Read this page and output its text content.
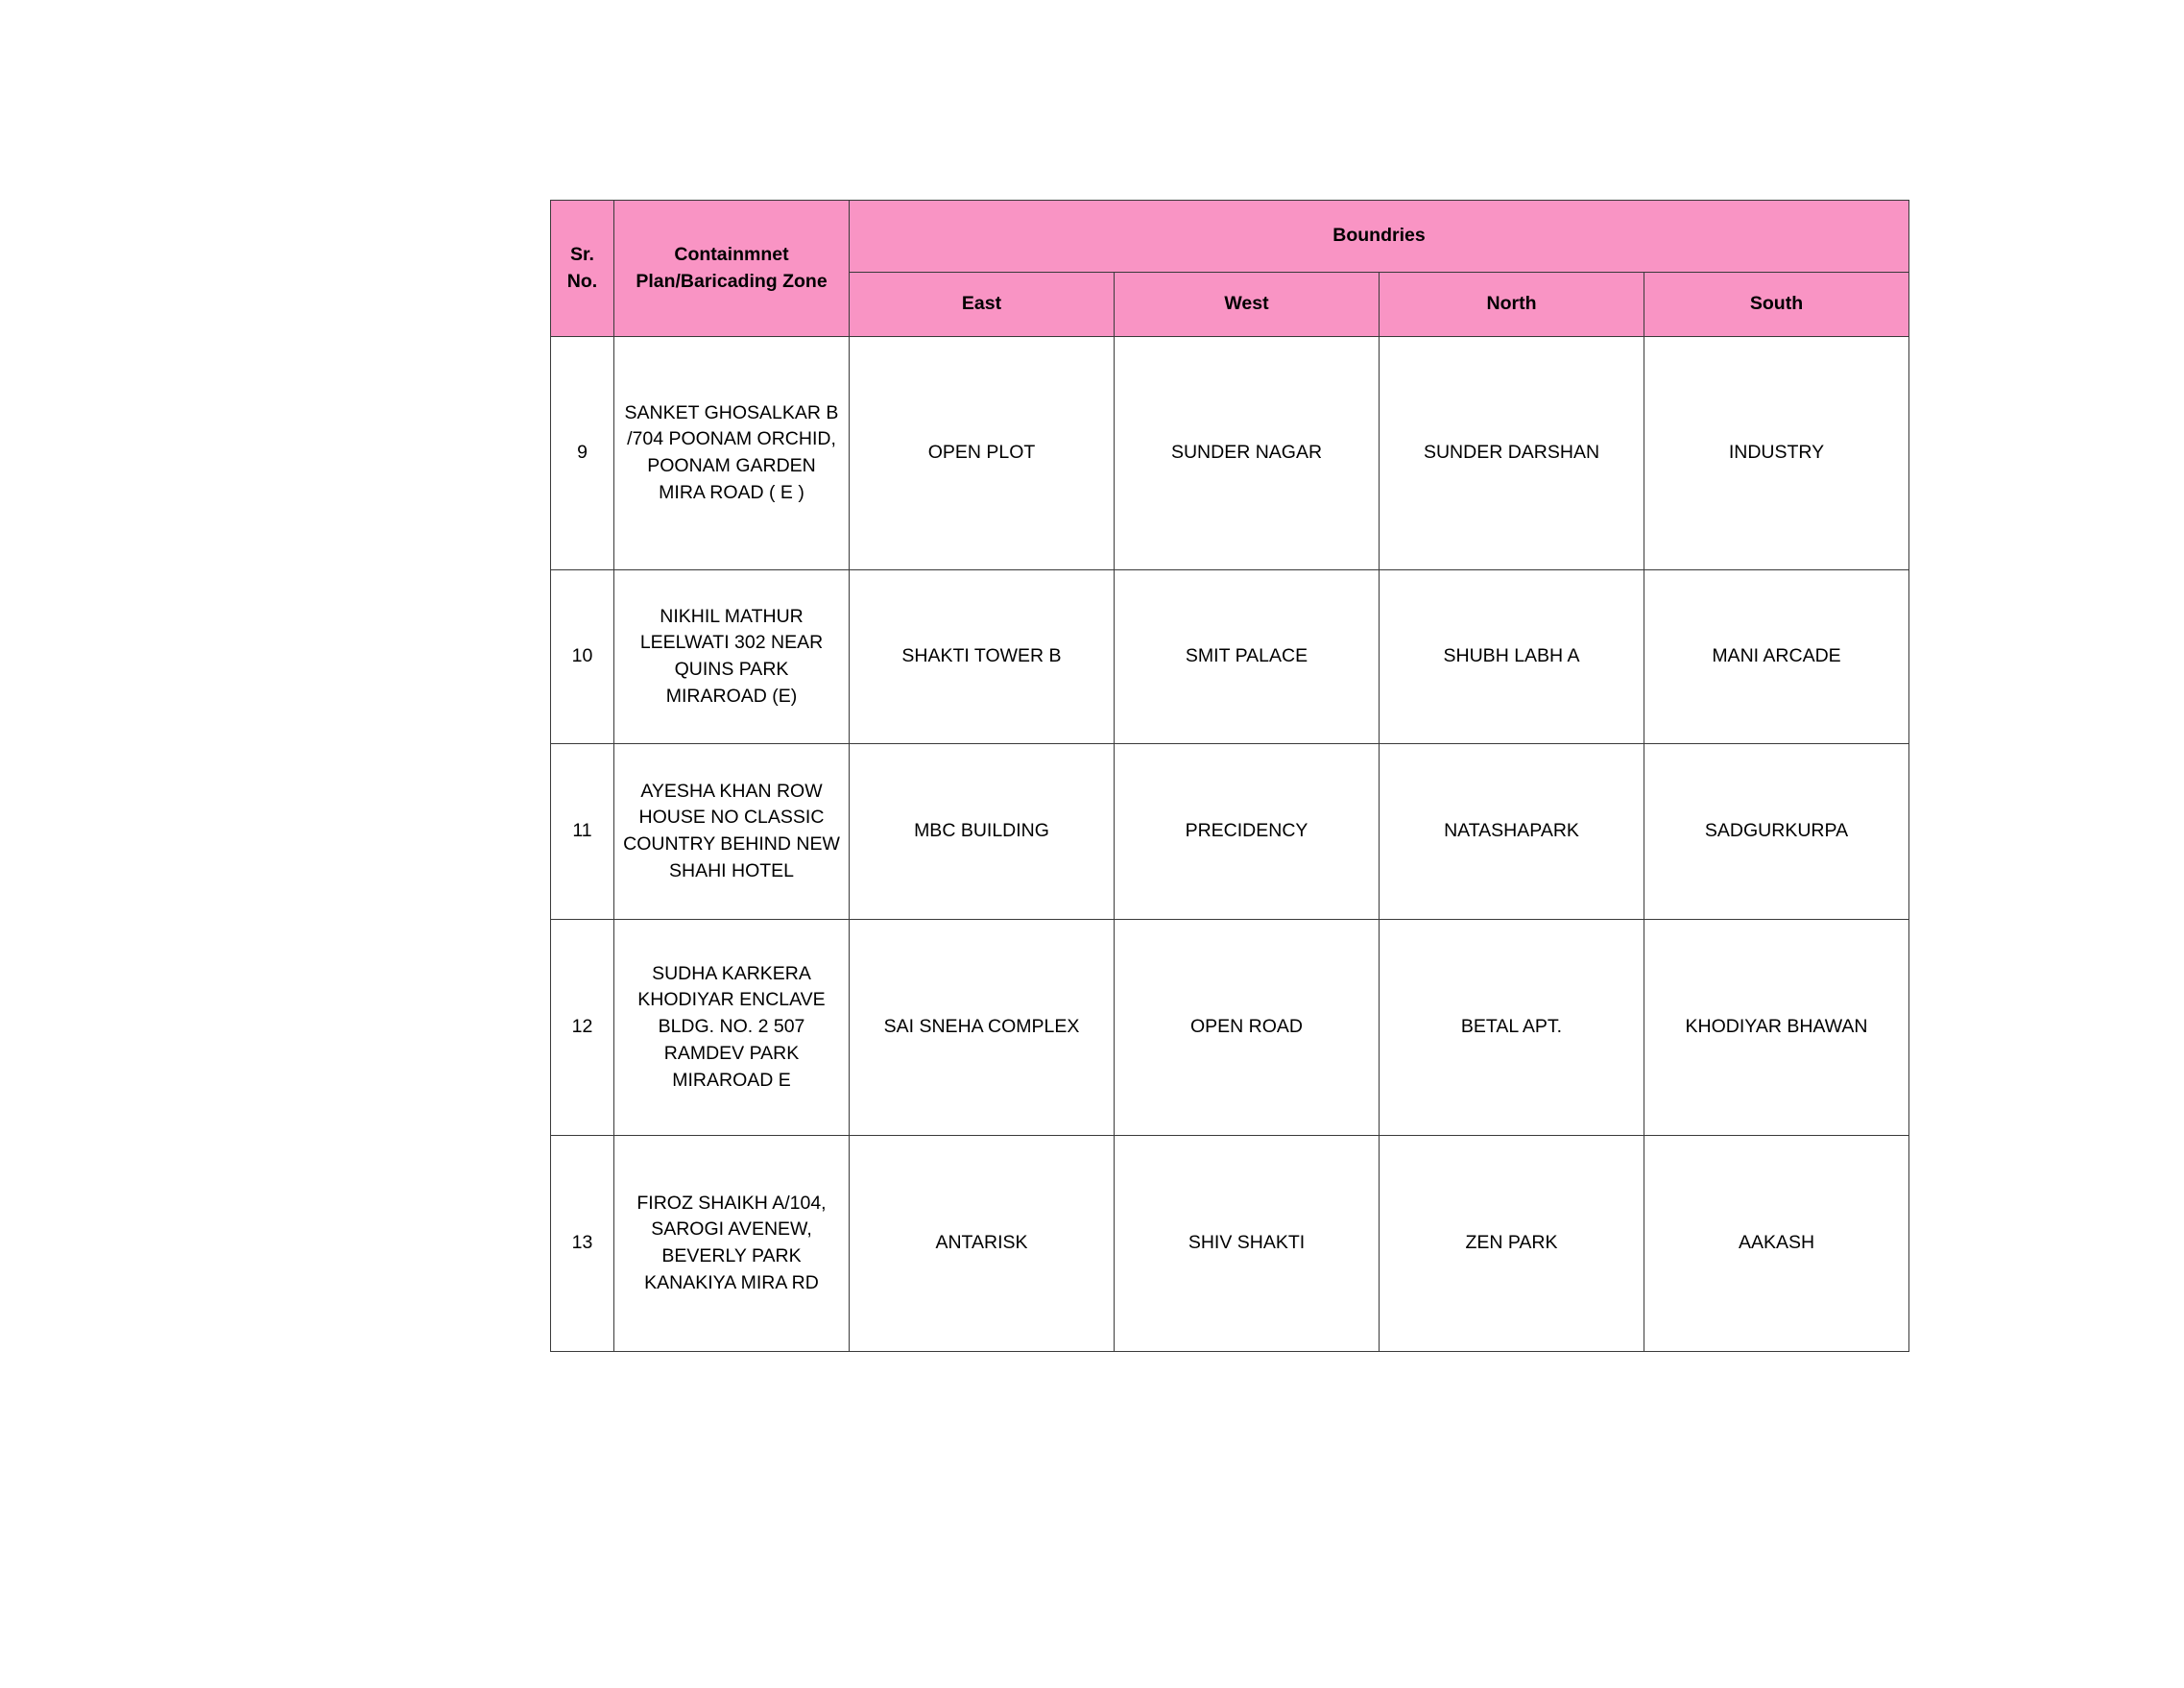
Sr. No.	Containmnet Plan/Baricading Zone	Boundries			
		East	West	North	South
9	SANKET GHOSALKAR B /704 POONAM ORCHID, POONAM GARDEN MIRA ROAD ( E )	OPEN PLOT	SUNDER NAGAR	SUNDER DARSHAN	INDUSTRY
10	NIKHIL MATHUR LEELWATI 302 NEAR QUINS PARK MIRAROAD (E)	SHAKTI TOWER B	SMIT PALACE	SHUBH LABH A	MANI ARCADE
11	AYESHA KHAN ROW HOUSE NO CLASSIC COUNTRY BEHIND NEW SHAHI HOTEL	MBC BUILDING	PRECIDENCY	NATASHAPARK	SADGURKURPA
12	SUDHA KARKERA KHODIYAR ENCLAVE BLDG. NO. 2 507 RAMDEV PARK MIRAROAD E	SAI SNEHA COMPLEX	OPEN ROAD	BETAL APT.	KHODIYAR BHAWAN
13	FIROZ SHAIKH A/104, SAROGI AVENEW, BEVERLY PARK KANAKIYA MIRA RD	ANTARISK	SHIV SHAKTI	ZEN PARK	AAKASH
